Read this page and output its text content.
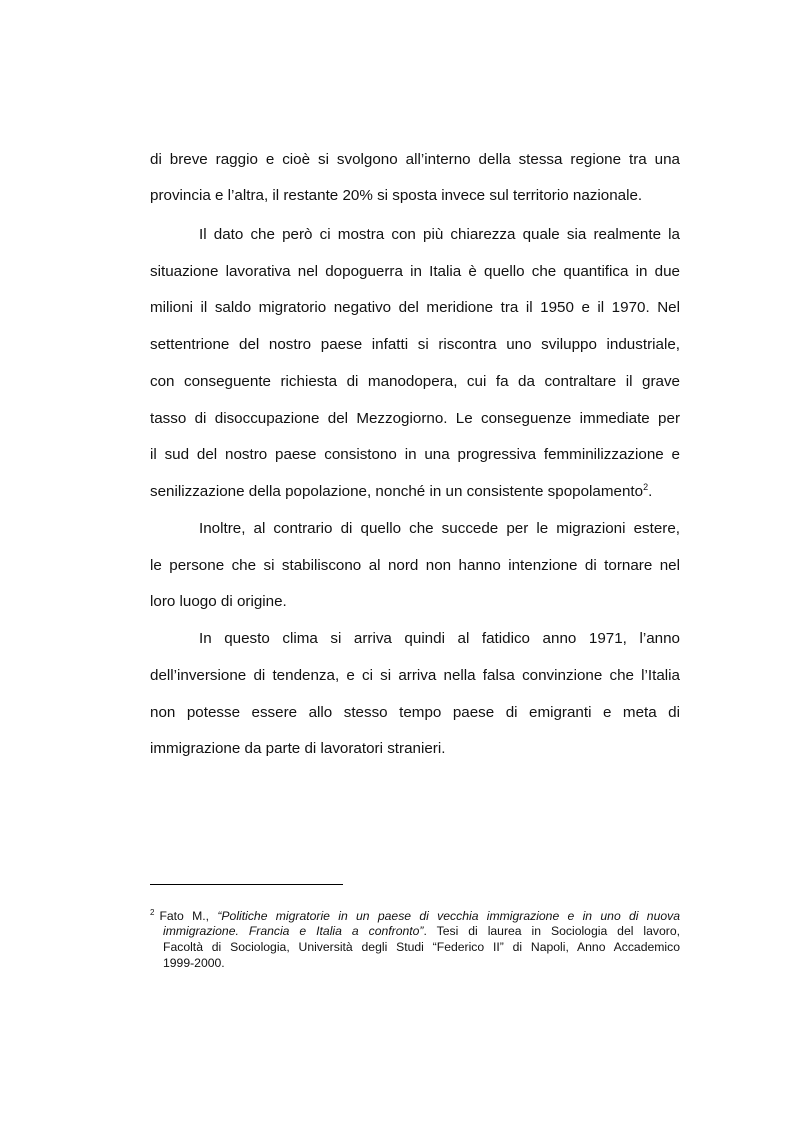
di breve raggio e cioè si svolgono all’interno della stessa regione tra una
provincia e l’altra, il restante 20% si sposta invece sul territorio nazionale.
Il dato che però ci mostra con più chiarezza quale sia realmente la
situazione lavorativa nel dopoguerra in Italia è quello che quantifica in due
milioni il saldo migratorio negativo del meridione tra il 1950 e il 1970. Nel
settentrione del nostro paese infatti si riscontra uno sviluppo industriale,
con conseguente richiesta di manodopera, cui fa da contraltare il grave
tasso di disoccupazione del Mezzogiorno. Le conseguenze immediate per
il sud del nostro paese consistono in una progressiva femminilizzazione e
senilizzazione della popolazione, nonché in un consistente spopolamento$^2$.
Inoltre, al contrario di quello che succede per le migrazioni estere,
le persone che si stabiliscono al nord non hanno intenzione di tornare nel
loro luogo di origine.
In questo clima si arriva quindi al fatidico anno 1971, l’anno
dell’inversione di tendenza, e ci si arriva nella falsa convinzione che l’Italia
non potesse essere allo stesso tempo paese di emigranti e meta di
immigrazione da parte di lavoratori stranieri.
$^2$ Fato M., “Politiche migratorie in un paese di vecchia immigrazione e in uno di nuova
immigrazione. Francia e Italia a confronto”. Tesi di laurea in Sociologia del lavoro,
Facoltà di Sociologia, Università degli Studi “Federico II” di Napoli, Anno Accademico
1999-2000.
